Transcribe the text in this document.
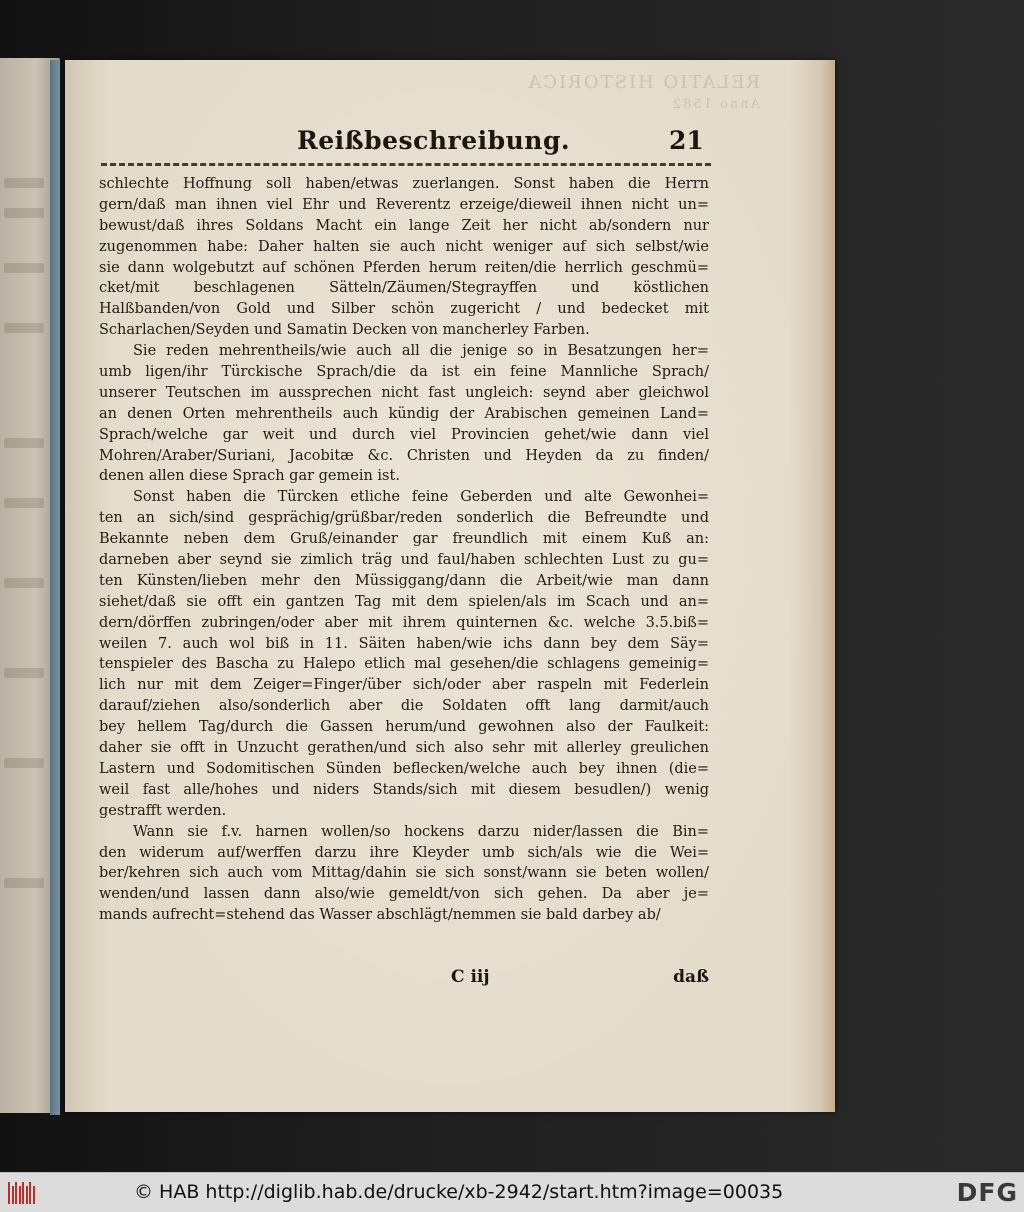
RELATIO HISTORICA
Anno 1582
Reißbeschreibung.	21
schlechte Hoffnung soll haben/etwas zuerlangen. Sonst haben die Herrn
gern/daß man ihnen viel Ehr und Reverentz erzeige/dieweil ihnen nicht un=
bewust/daß ihres Soldans Macht ein lange Zeit her nicht ab/sondern nur
zugenommen habe: Daher halten sie auch nicht weniger auf sich selbst/wie
sie dann wolgebutzt auf schönen Pferden herum reiten/die herrlich geschmü=
cket/mit beschlagenen Sätteln/Zäumen/Stegrayffen und köstlichen
Halßbanden/von Gold und Silber schön zugericht / und bedecket mit
Scharlachen/Seyden und Samatin Decken von mancherley Farben.
Sie reden mehrentheils/wie auch all die jenige so in Besatzungen her=
umb ligen/ihr Türckische Sprach/die da ist ein feine Mannliche Sprach/
unserer Teutschen im aussprechen nicht fast ungleich: seynd aber gleichwol
an denen Orten mehrentheils auch kündig der Arabischen gemeinen Land=
Sprach/welche gar weit und durch viel Provincien gehet/wie dann viel
Mohren/Araber/Suriani, Jacobitæ &c. Christen und Heyden da zu finden/
denen allen diese Sprach gar gemein ist.
Sonst haben die Türcken etliche feine Geberden und alte Gewonhei=
ten an sich/sind gesprächig/grüßbar/reden sonderlich die Befreundte und
Bekannte neben dem Gruß/einander gar freundlich mit einem Kuß an:
darneben aber seynd sie zimlich träg und faul/haben schlechten Lust zu gu=
ten Künsten/lieben mehr den Müssiggang/dann die Arbeit/wie man dann
siehet/daß sie offt ein gantzen Tag mit dem spielen/als im Scach und an=
dern/dörffen zubringen/oder aber mit ihrem quinternen &c. welche 3.5.biß=
weilen 7. auch wol biß in 11. Säiten haben/wie ichs dann bey dem Säy=
tenspieler des Bascha zu Halepo etlich mal gesehen/die schlagens gemeinig=
lich nur mit dem Zeiger=Finger/über sich/oder aber raspeln mit Federlein
darauf/ziehen also/sonderlich aber die Soldaten offt lang darmit/auch
bey hellem Tag/durch die Gassen herum/und gewohnen also der Faulkeit:
daher sie offt in Unzucht gerathen/und sich also sehr mit allerley greulichen
Lastern und Sodomitischen Sünden beflecken/welche auch bey ihnen (die=
weil fast alle/hohes und niders Stands/sich mit diesem besudlen/) wenig
gestrafft werden.
Wann sie f.v. harnen wollen/so hockens darzu nider/lassen die Bin=
den widerum auf/werffen darzu ihre Kleyder umb sich/als wie die Wei=
ber/kehren sich auch vom Mittag/dahin sie sich sonst/wann sie beten wollen/
wenden/und lassen dann also/wie gemeldt/von sich gehen. Da aber je=
mands aufrecht=stehend das Wasser abschlägt/nemmen sie bald darbey ab/
C iij	daß
© HAB http://diglib.hab.de/drucke/xb-2942/start.htm?image=00035	DFG
